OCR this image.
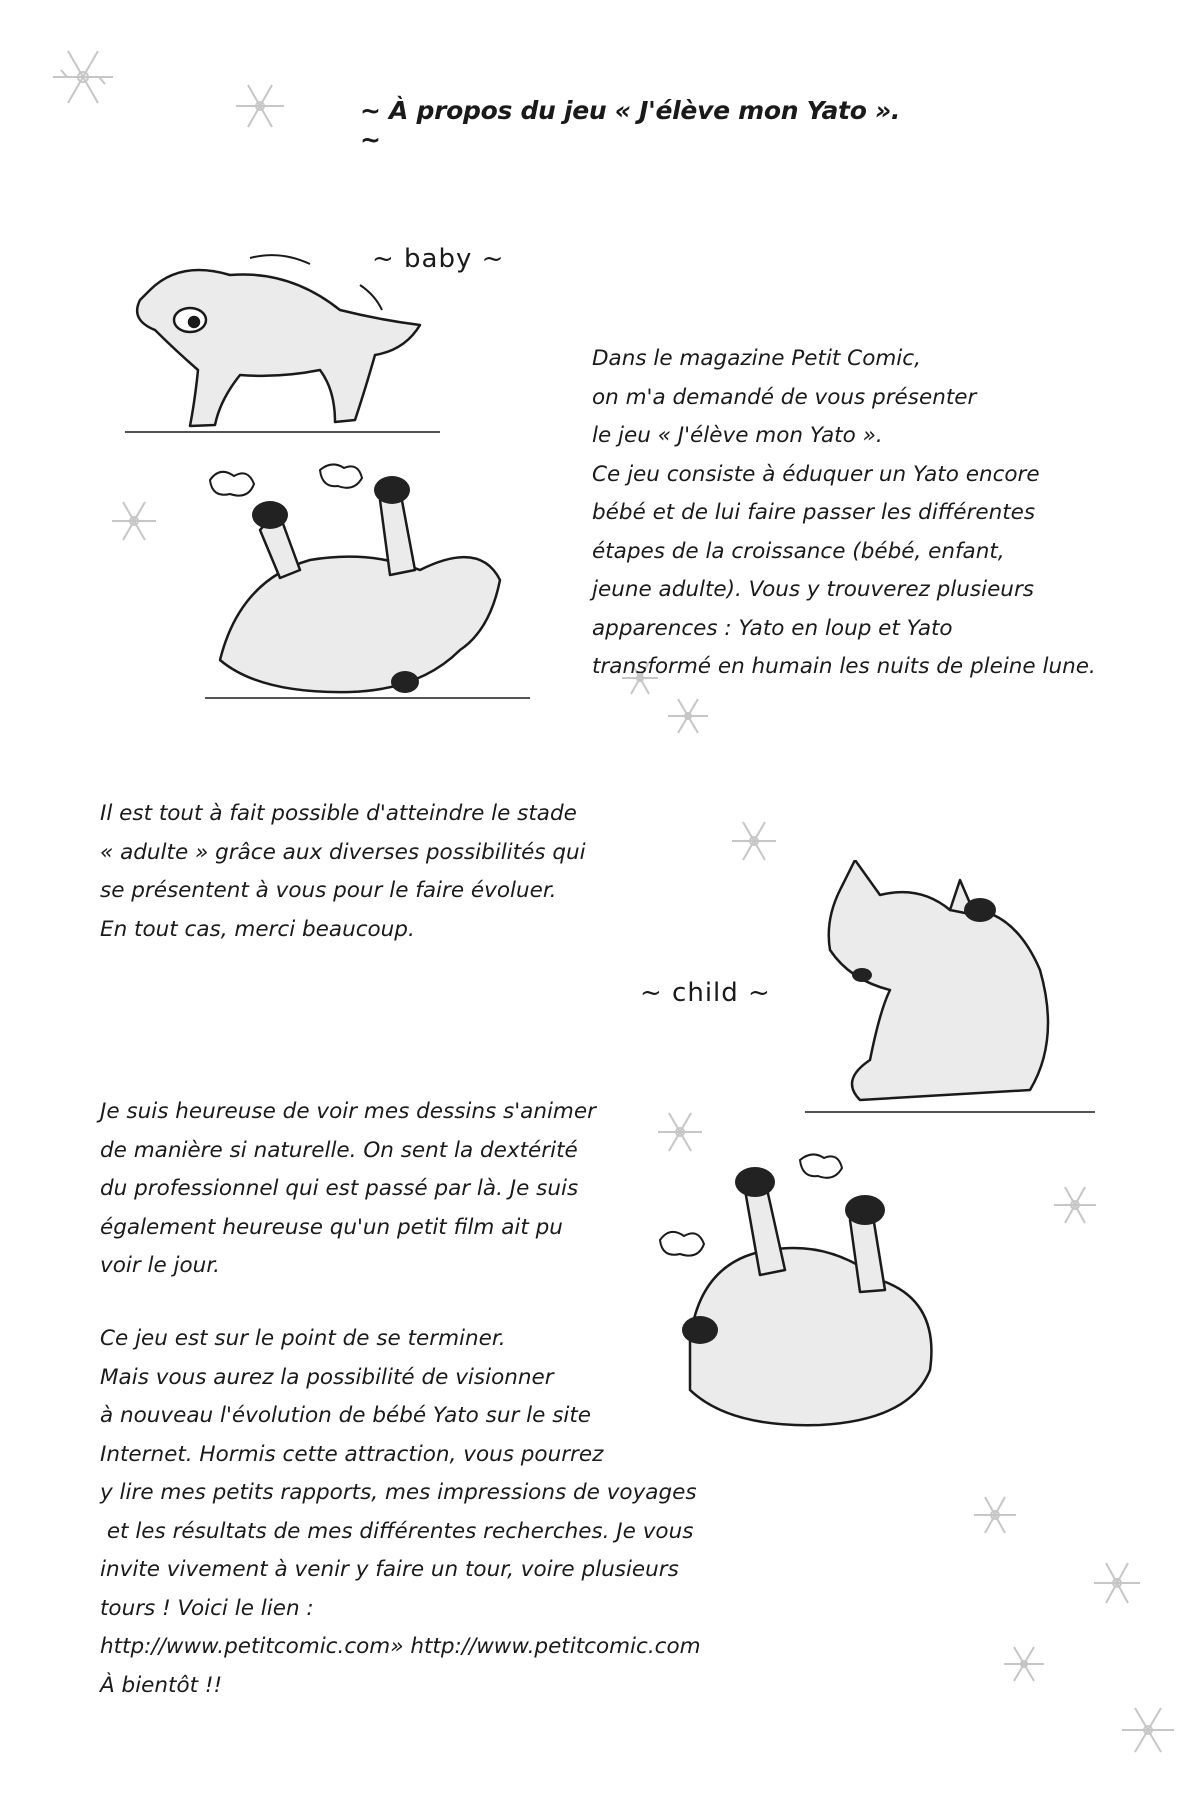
~ À propos du jeu « J'élève mon Yato ». ~
~ baby ~
~ child ~
Dans le magazine Petit Comic,
on m'a demandé de vous présenter
le jeu « J'élève mon Yato ».
Ce jeu consiste à éduquer un Yato encore
bébé et de lui faire passer les différentes
étapes de la croissance (bébé, enfant,
jeune adulte). Vous y trouverez plusieurs
apparences : Yato en loup et Yato
transformé en humain les nuits de pleine lune.
Il est tout à fait possible d'atteindre le stade
« adulte » grâce aux diverses possibilités qui
se présentent à vous pour le faire évoluer.
En tout cas, merci beaucoup.
Je suis heureuse de voir mes dessins s'animer
de manière si naturelle. On sent la dextérité
du professionnel qui est passé par là. Je suis
également heureuse qu'un petit film ait pu
voir le jour.
Ce jeu est sur le point de se terminer.
Mais vous aurez la possibilité de visionner
à nouveau l'évolution de bébé Yato sur le site
Internet. Hormis cette attraction, vous pourrez
y lire mes petits rapports, mes impressions de voyages
et les résultats de mes différentes recherches. Je vous
invite vivement à venir y faire un tour, voire plusieurs
tours ! Voici le lien :
http://www.petitcomic.com» http://www.petitcomic.com
À bientôt !!
